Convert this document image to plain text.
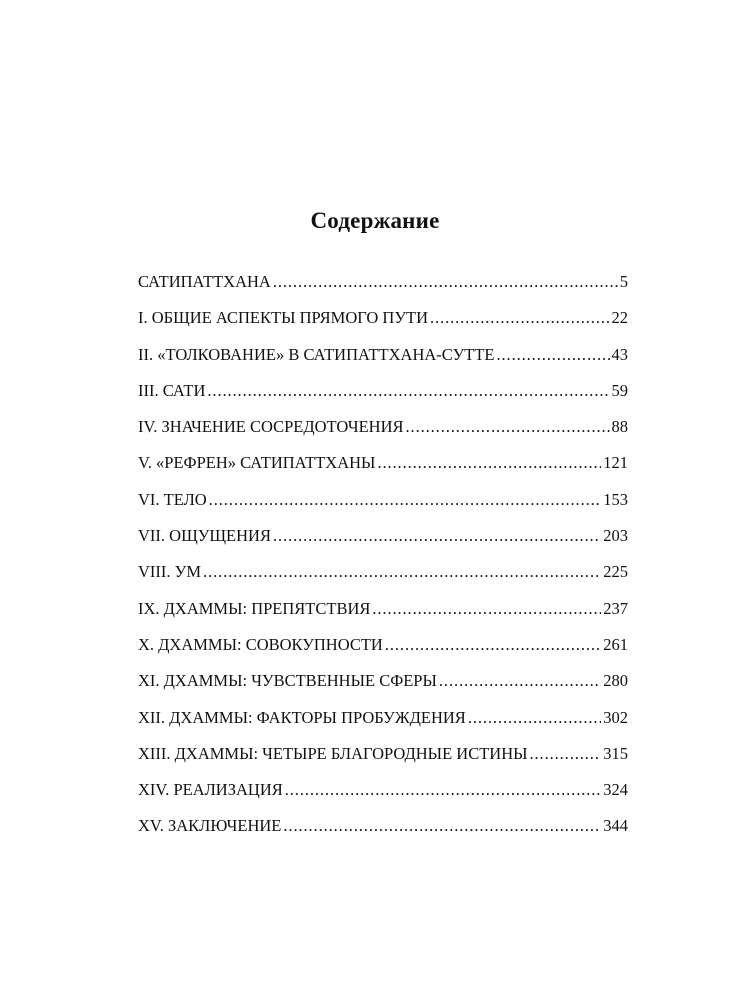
Содержание
САТИПАТТХАНА .....	5
I. ОБЩИЕ АСПЕКТЫ ПРЯМОГО ПУТИ .....	22
II. «ТОЛКОВАНИЕ» В САТИПАТТХАНА-СУТТЕ .....	43
III. САТИ .....	59
IV. ЗНАЧЕНИЕ СОСРЕДОТОЧЕНИЯ .....	88
V. «РЕФРЕН» САТИПАТТХАНЫ .....	121
VI. ТЕЛО .....	153
VII. ОЩУЩЕНИЯ .....	203
VIII. УМ .....	225
IX. ДХАММЫ: ПРЕПЯТСТВИЯ .....	237
X. ДХАММЫ: СОВОКУПНОСТИ .....	261
XI. ДХАММЫ: ЧУВСТВЕННЫЕ СФЕРЫ .....	280
XII. ДХАММЫ: ФАКТОРЫ ПРОБУЖДЕНИЯ .....	302
XIII. ДХАММЫ: ЧЕТЫРЕ БЛАГОРОДНЫЕ ИСТИНЫ .....	315
XIV. РЕАЛИЗАЦИЯ .....	324
XV. ЗАКЛЮЧЕНИЕ .....	344
